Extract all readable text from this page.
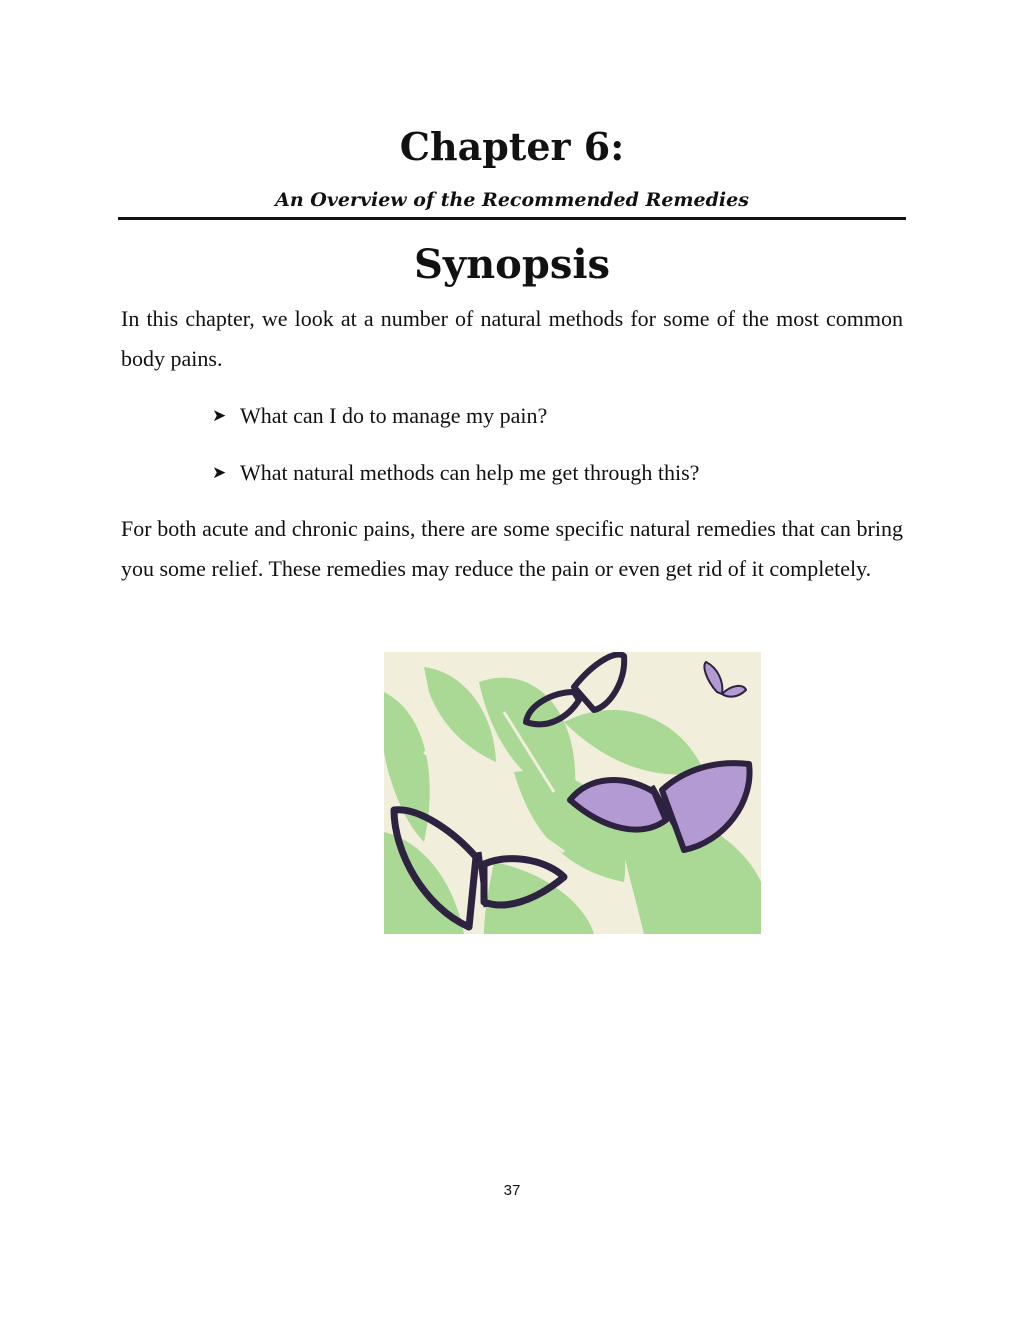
Chapter 6:

An Overview of the Recommended Remedies

Synopsis

In this chapter, we look at a number of natural methods for some of the most common body pains.

➤ What can I do to manage my pain?
➤ What natural methods can help me get through this?

For both acute and chronic pains, there are some specific natural remedies that can bring you some relief. These remedies may reduce the pain or even get rid of it completely.

37
